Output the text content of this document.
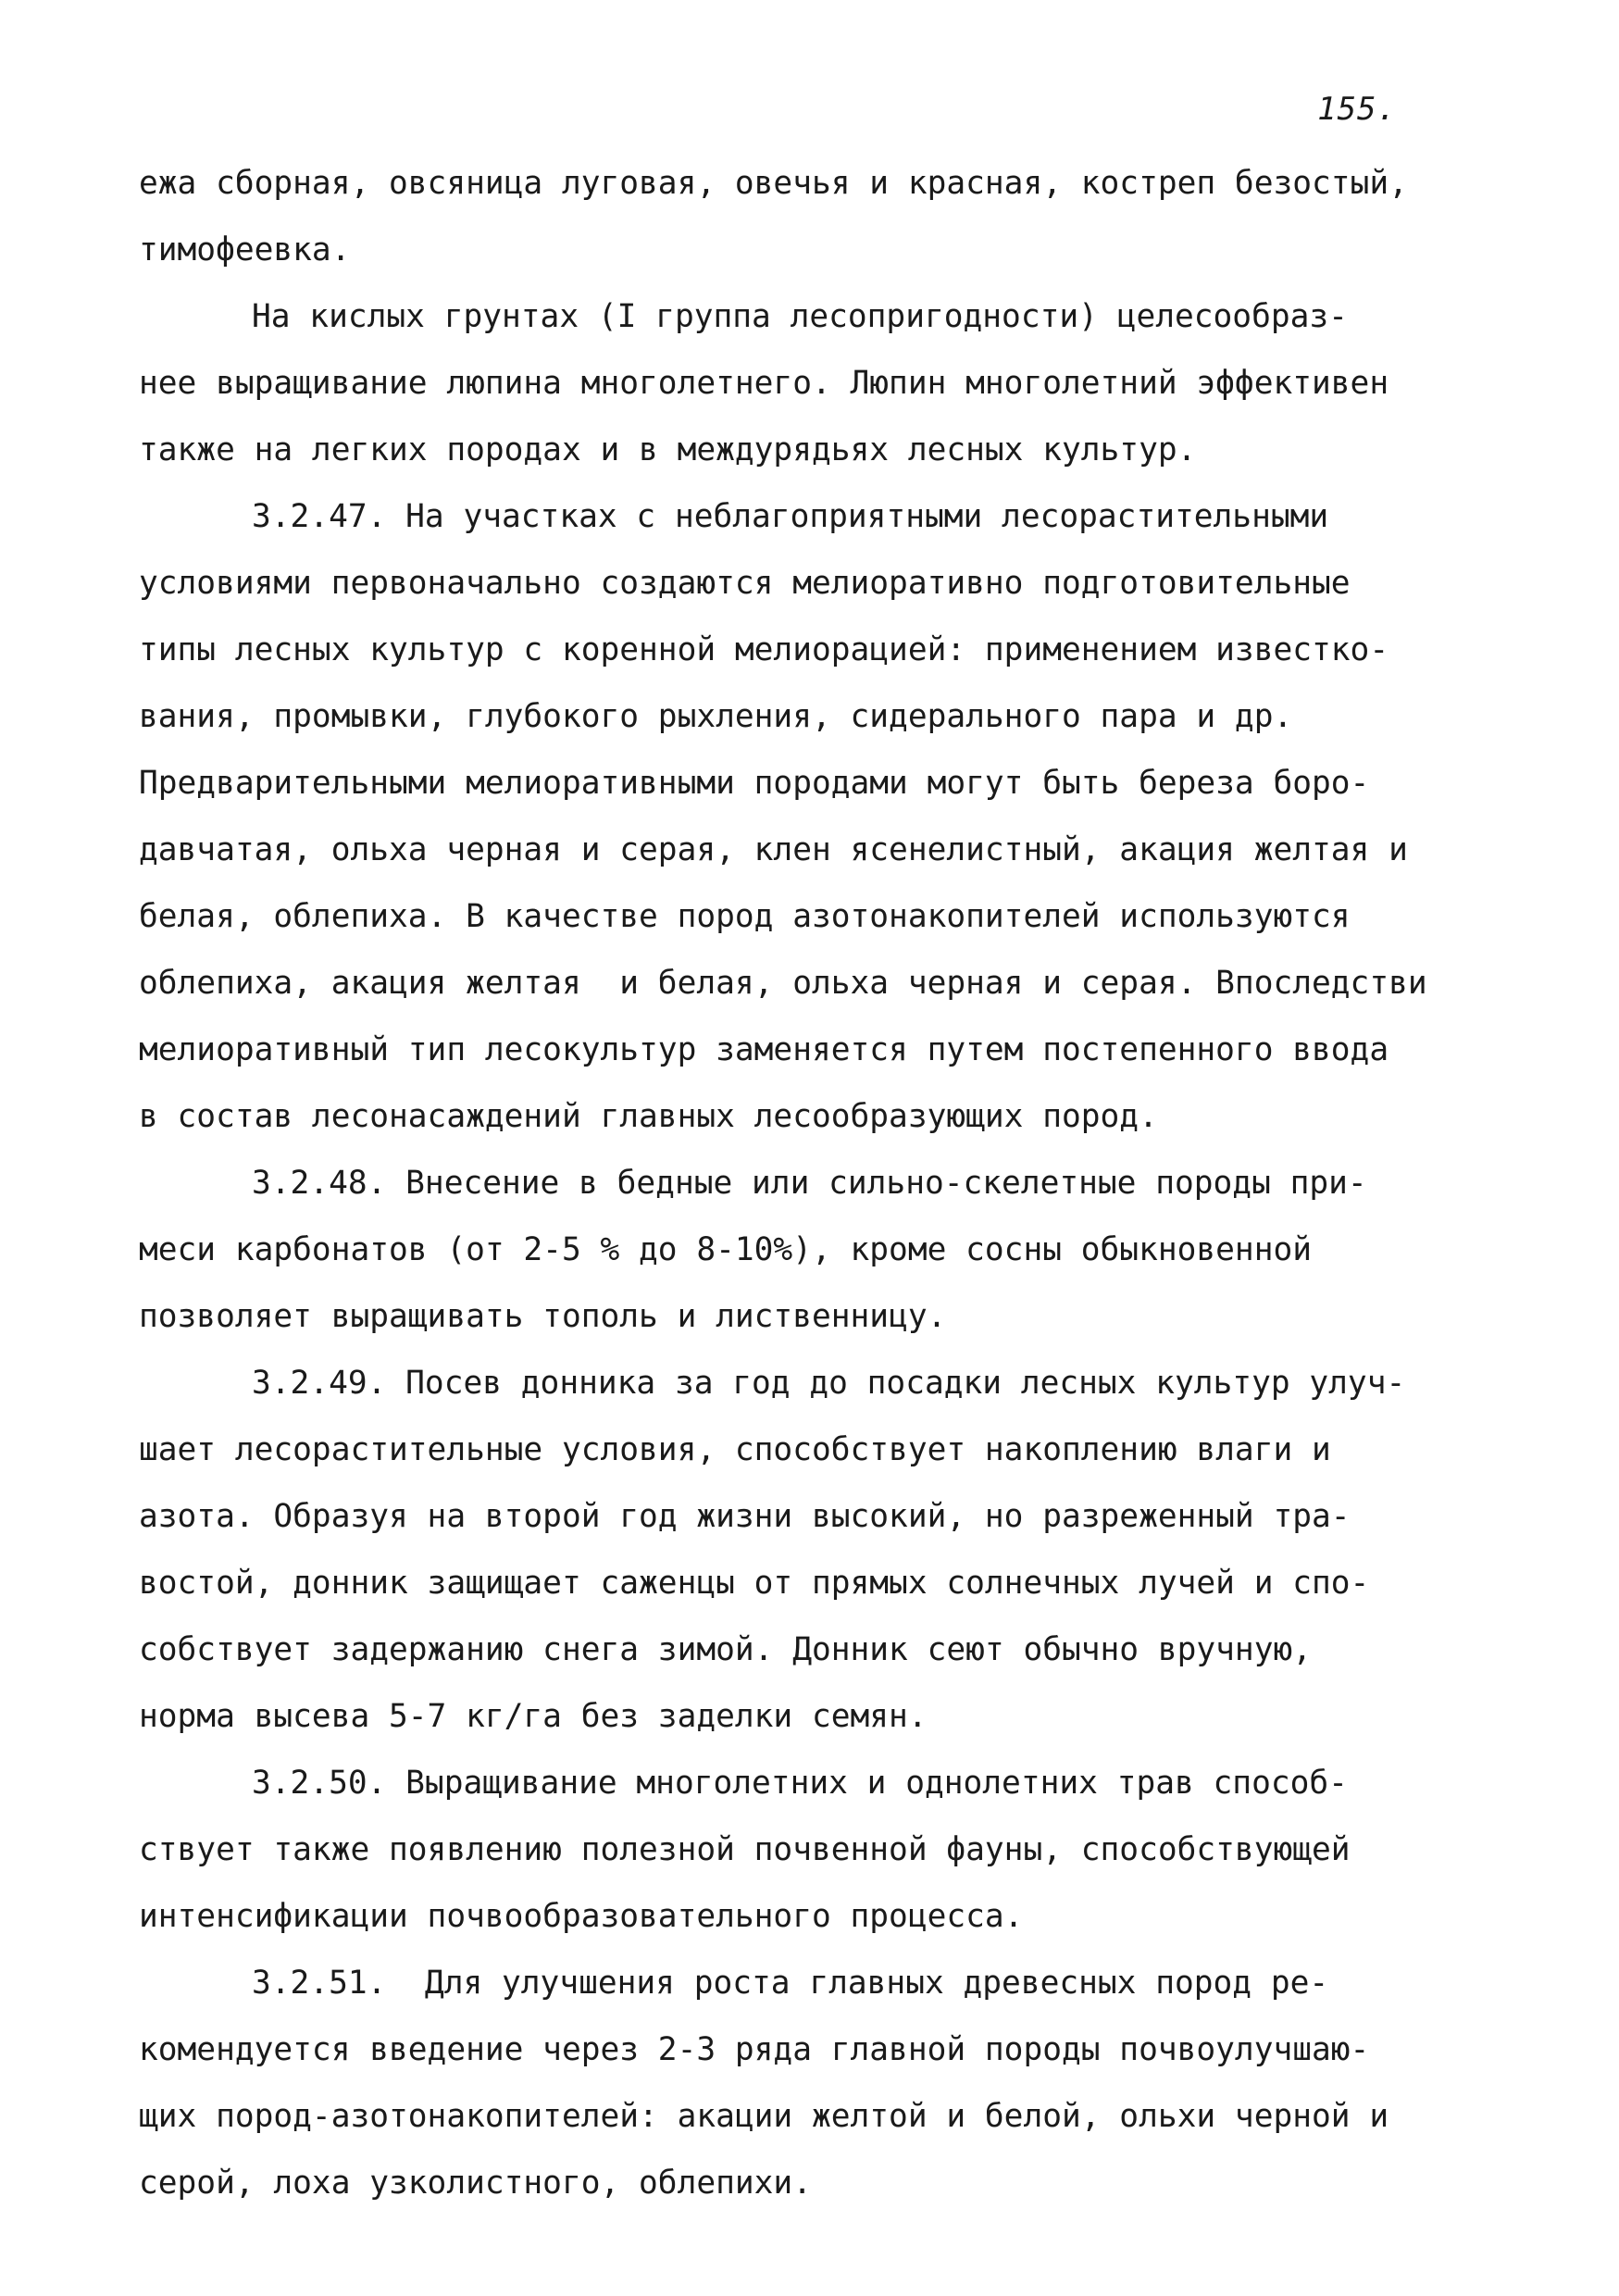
155.
ежа сборная, овсяница луговая, овечья и красная, костреп безостый,
тимофеевка.
На кислых грунтах (I группа лесопригодности) целесообраз-
нее выращивание люпина многолетнего. Люпин многолетний эффективен
также на легких породах и в междурядьях лесных культур.
3.2.47. На участках с неблагоприятными лесорастительными
условиями первоначально создаются мелиоративно подготовительные
типы лесных культур с коренной мелиорацией: применением известко-
вания, промывки, глубокого рыхления, сидерального пара и др.
Предварительными мелиоративными породами могут быть береза боро-
давчатая, ольха черная и серая, клен ясенелистный, акация желтая и
белая, облепиха. В качестве пород азотонакопителей используются
облепиха, акация желтая  и белая, ольха черная и серая. Впоследстви
мелиоративный тип лесокультур заменяется путем постепенного ввода
в состав лесонасаждений главных лесообразующих пород.
3.2.48. Внесение в бедные или сильно-скелетные породы при-
меси карбонатов (от 2-5 % до 8-10%), кроме сосны обыкновенной
позволяет выращивать тополь и лиственницу.
3.2.49. Посев донника за год до посадки лесных культур улуч-
шает лесорастительные условия, способствует накоплению влаги и
азота. Образуя на второй год жизни высокий, но разреженный тра-
востой, донник защищает саженцы от прямых солнечных лучей и спо-
собствует задержанию снега зимой. Донник сеют обычно вручную,
норма высева 5-7 кг/га без заделки семян.
3.2.50. Выращивание многолетних и однолетних трав способ-
ствует также появлению полезной почвенной фауны, способствующей
интенсификации почвообразовательного процесса.
3.2.51.  Для улучшения роста главных древесных пород ре-
комендуется введение через 2-3 ряда главной породы почвоулучшаю-
щих пород-азотонакопителей: акации желтой и белой, ольхи черной и
серой, лоха узколистного, облепихи.
